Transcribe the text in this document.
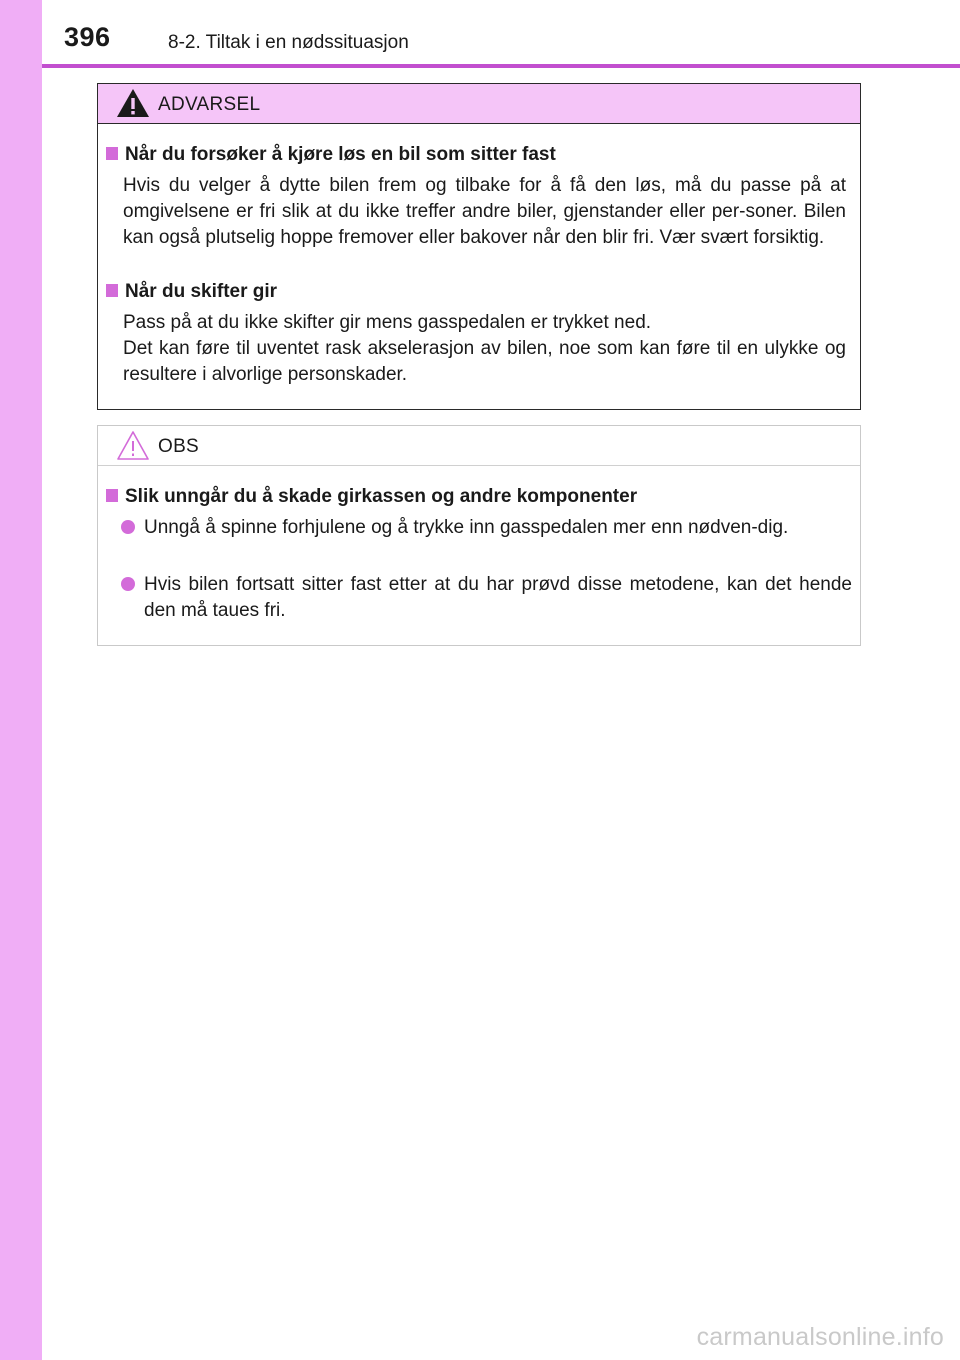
396	8-2. Tiltak i en nødssituasjon
ADVARSEL
Når du forsøker å kjøre løs en bil som sitter fast
Hvis du velger å dytte bilen frem og tilbake for å få den løs, må du passe på at omgivelsene er fri slik at du ikke treffer andre biler, gjenstander eller per-soner. Bilen kan også plutselig hoppe fremover eller bakover når den blir fri. Vær svært forsiktig.
Når du skifter gir
Pass på at du ikke skifter gir mens gasspedalen er trykket ned.
Det kan føre til uventet rask akselerasjon av bilen, noe som kan føre til en ulykke og resultere i alvorlige personskader.
OBS
Slik unngår du å skade girkassen og andre komponenter
Unngå å spinne forhjulene og å trykke inn gasspedalen mer enn nødven-dig.
Hvis bilen fortsatt sitter fast etter at du har prøvd disse metodene, kan det hende den må taues fri.
carmanualsonline.info
